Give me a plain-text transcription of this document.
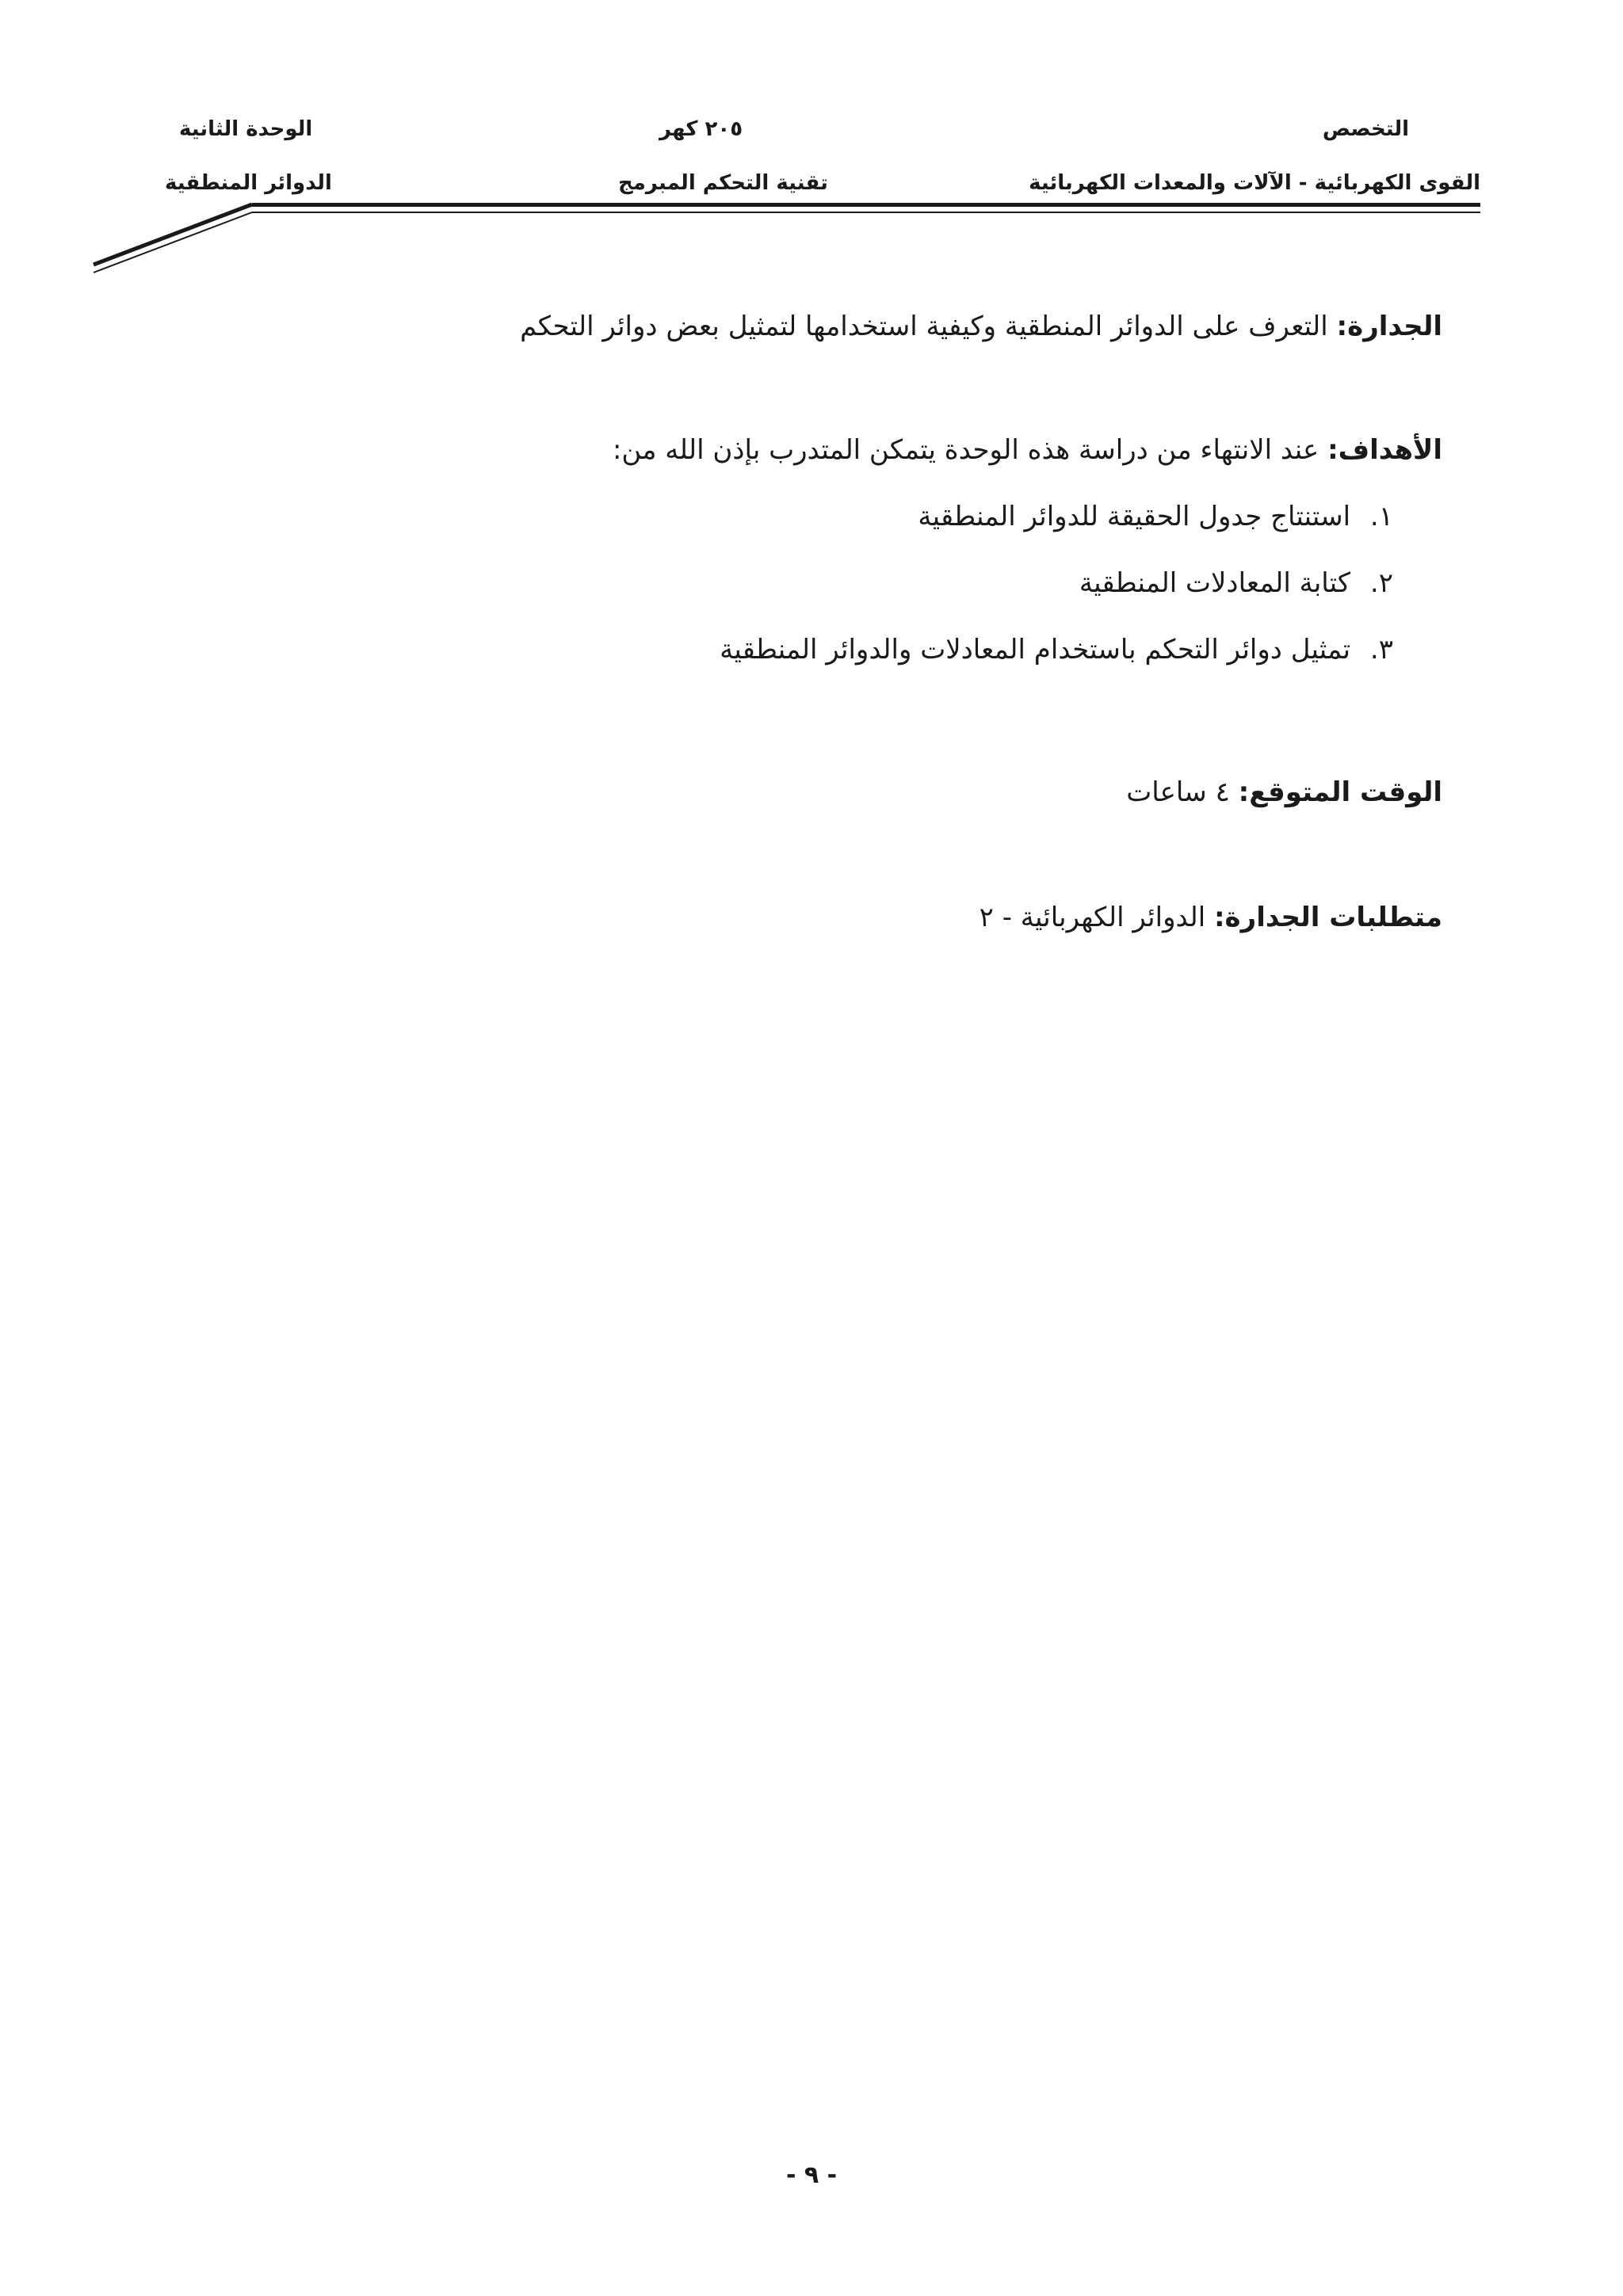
التخصص
٢٠٥ كهر
الوحدة الثانية
القوى الكهربائية - الآلات والمعدات الكهربائية
تقنية التحكم المبرمج
الدوائر المنطقية
الجدارة: التعرف على الدوائر المنطقية وكيفية استخدامها لتمثيل بعض دوائر التحكم
الأهداف: عند الانتهاء من دراسة هذه الوحدة يتمكن المتدرب بإذن الله من:
١. استنتاج جدول الحقيقة للدوائر المنطقية
٢. كتابة المعادلات المنطقية
٣. تمثيل دوائر التحكم باستخدام المعادلات والدوائر المنطقية
الوقت المتوقع: ٤ ساعات
متطلبات الجدارة: الدوائر الكهربائية - ٢
- ٩ -
